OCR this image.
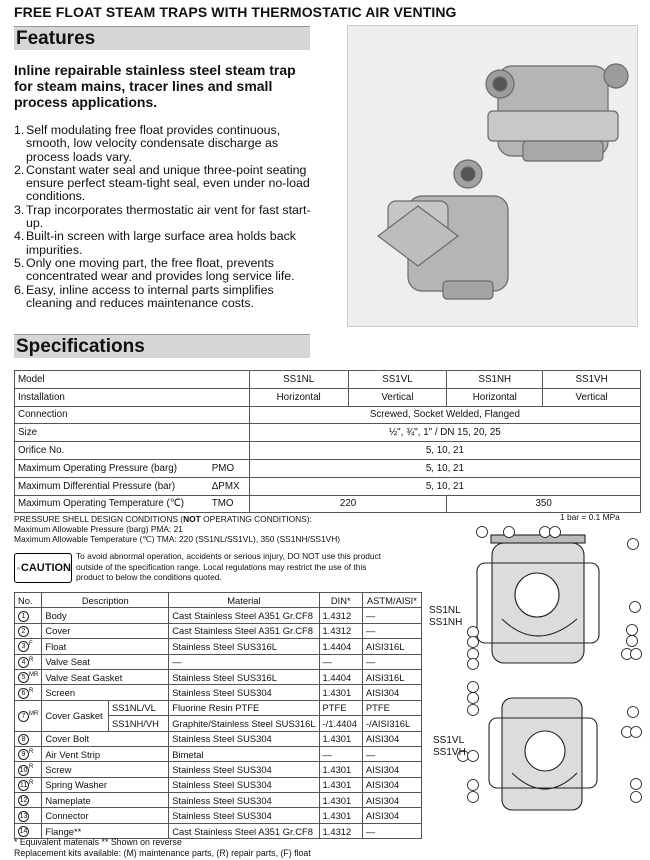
FREE FLOAT STEAM TRAPS WITH THERMOSTATIC AIR VENTING
Features
Inline repairable stainless steel steam trap for steam mains, tracer lines and small process applications.
1. Self modulating free float provides continuous, smooth, low velocity condensate discharge as process loads vary.
2. Constant water seal and unique three-point seating ensure perfect steam-tight seal, even under no-load conditions.
3. Trap incorporates thermostatic air vent for fast start-up.
4. Built-in screen with large surface area holds back impurities.
5. Only one moving part, the free float, prevents concentrated wear and provides long service life.
6. Easy, inline access to internal parts simplifies cleaning and reduces maintenance costs.
Specifications
Model	SS1NL	SS1VL	SS1NH	SS1VH
Installation	Horizontal	Vertical	Horizontal	Vertical
Connection	Screwed, Socket Welded, Flanged			
Size	½", ¾", 1" / DN 15, 20, 25			
Orifice No.	5, 10, 21			
Maximum Operating Pressure (barg) PMO	5, 10, 21			
Maximum Differential Pressure (bar) ΔPMX	5, 10, 21			
Maximum Operating Temperature (℃) TMO	220		350	
PRESSURE SHELL DESIGN CONDITIONS (NOT OPERATING CONDITIONS):
Maximum Allowable Pressure (barg) PMA: 21
Maximum Allowable Temperature (℃) TMA: 220 (SS1NL/SS1VL), 350 (SS1NH/SS1VH)
1 bar = 0.1 MPa
CAUTION
To avoid abnormal operation, accidents or serious injury, DO NOT use this product outside of the specification range. Local regulations may restrict the use of this product to below the conditions quoted.
No.	Description		Material	DIN*	ASTM/AISI*
1	Body		Cast Stainless Steel A351 Gr.CF8	1.4312	—
2	Cover		Cast Stainless Steel A351 Gr.CF8	1.4312	—
3 $^F$	Float		Stainless Steel SUS316L	1.4404	AISI316L
4 $^R$	Valve Seat		—	—	—
5 $^{MR}$	Valve Seat Gasket		Stainless Steel SUS316L	1.4404	AISI316L
6 $^R$	Screen		Stainless Steel SUS304	1.4301	AISI304
7 $^{MR}$	Cover Gasket	SS1NL/VL	Fluorine Resin PTFE	PTFE	PTFE
		SS1NH/VH	Graphite/Stainless Steel SUS316L	-/1.4404	-/AISI316L
8	Cover Bolt		Stainless Steel SUS304	1.4301	AISI304
9 $^R$	Air Vent Strip		Bimetal	—	—
10 $^R$	Screw		Stainless Steel SUS304	1.4301	AISI304
11 $^R$	Spring Washer		Stainless Steel SUS304	1.4301	AISI304
12	Nameplate		Stainless Steel SUS304	1.4301	AISI304
13	Connector		Stainless Steel SUS304	1.4301	AISI304
14	Flange**		Cast Stainless Steel A351 Gr.CF8	1.4312	—
* Equivalent materials ** Shown on reverse
Replacement kits available: (M) maintenance parts, (R) repair parts, (F) float
SS1NL
SS1NH
SS1VL
SS1VH
